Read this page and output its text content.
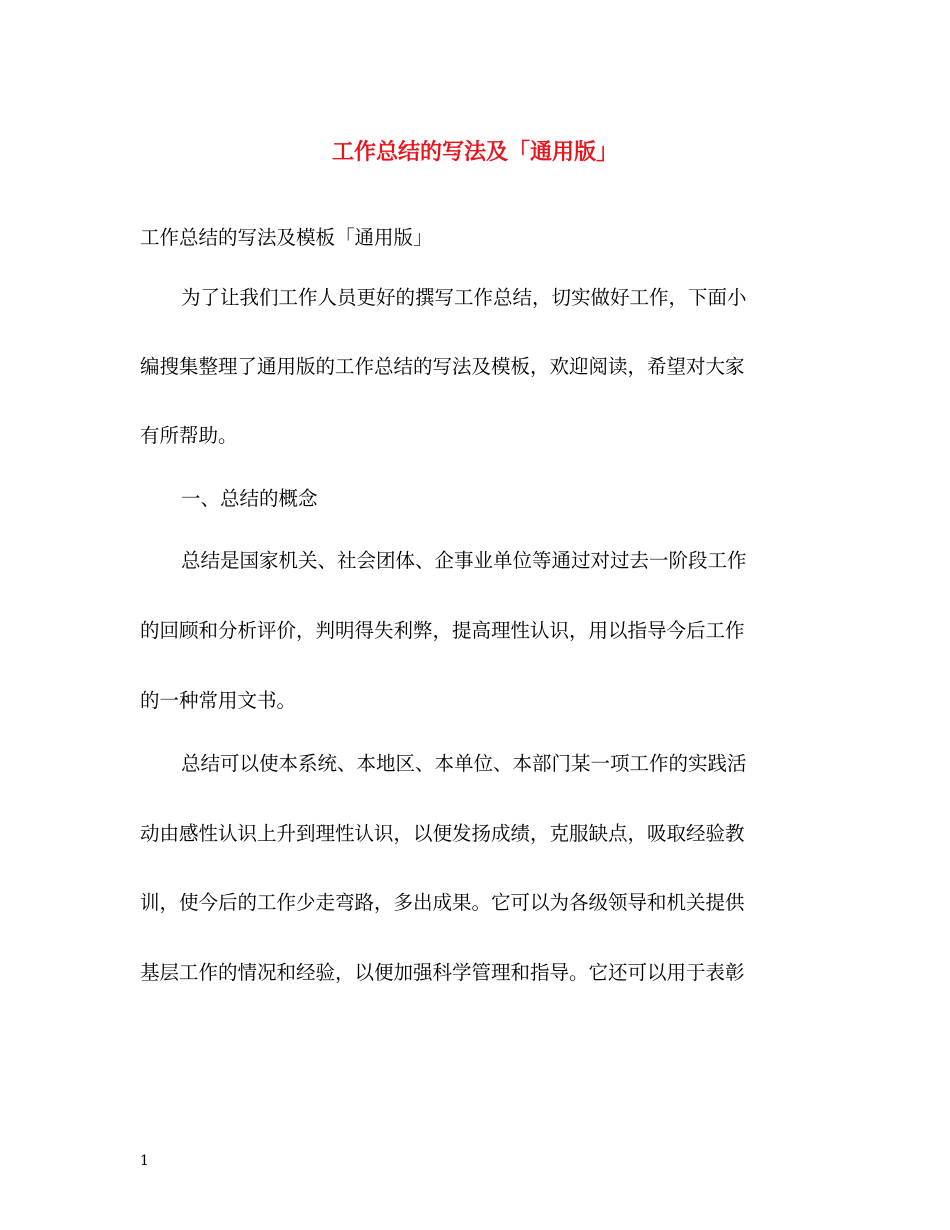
工作总结的写法及「通用版」
工作总结的写法及模板「通用版」
为了让我们工作人员更好的撰写工作总结，切实做好工作，下面小
编搜集整理了通用版的工作总结的写法及模板，欢迎阅读，希望对大家
有所帮助。
一、总结的概念
总结是国家机关、社会团体、企事业单位等通过对过去一阶段工作
的回顾和分析评价，判明得失利弊，提高理性认识，用以指导今后工作
的一种常用文书。
总结可以使本系统、本地区、本单位、本部门某一项工作的实践活
动由感性认识上升到理性认识，以便发扬成绩，克服缺点，吸取经验教
训，使今后的工作少走弯路，多出成果。它可以为各级领导和机关提供
基层工作的情况和经验，以便加强科学管理和指导。它还可以用于表彰
1
